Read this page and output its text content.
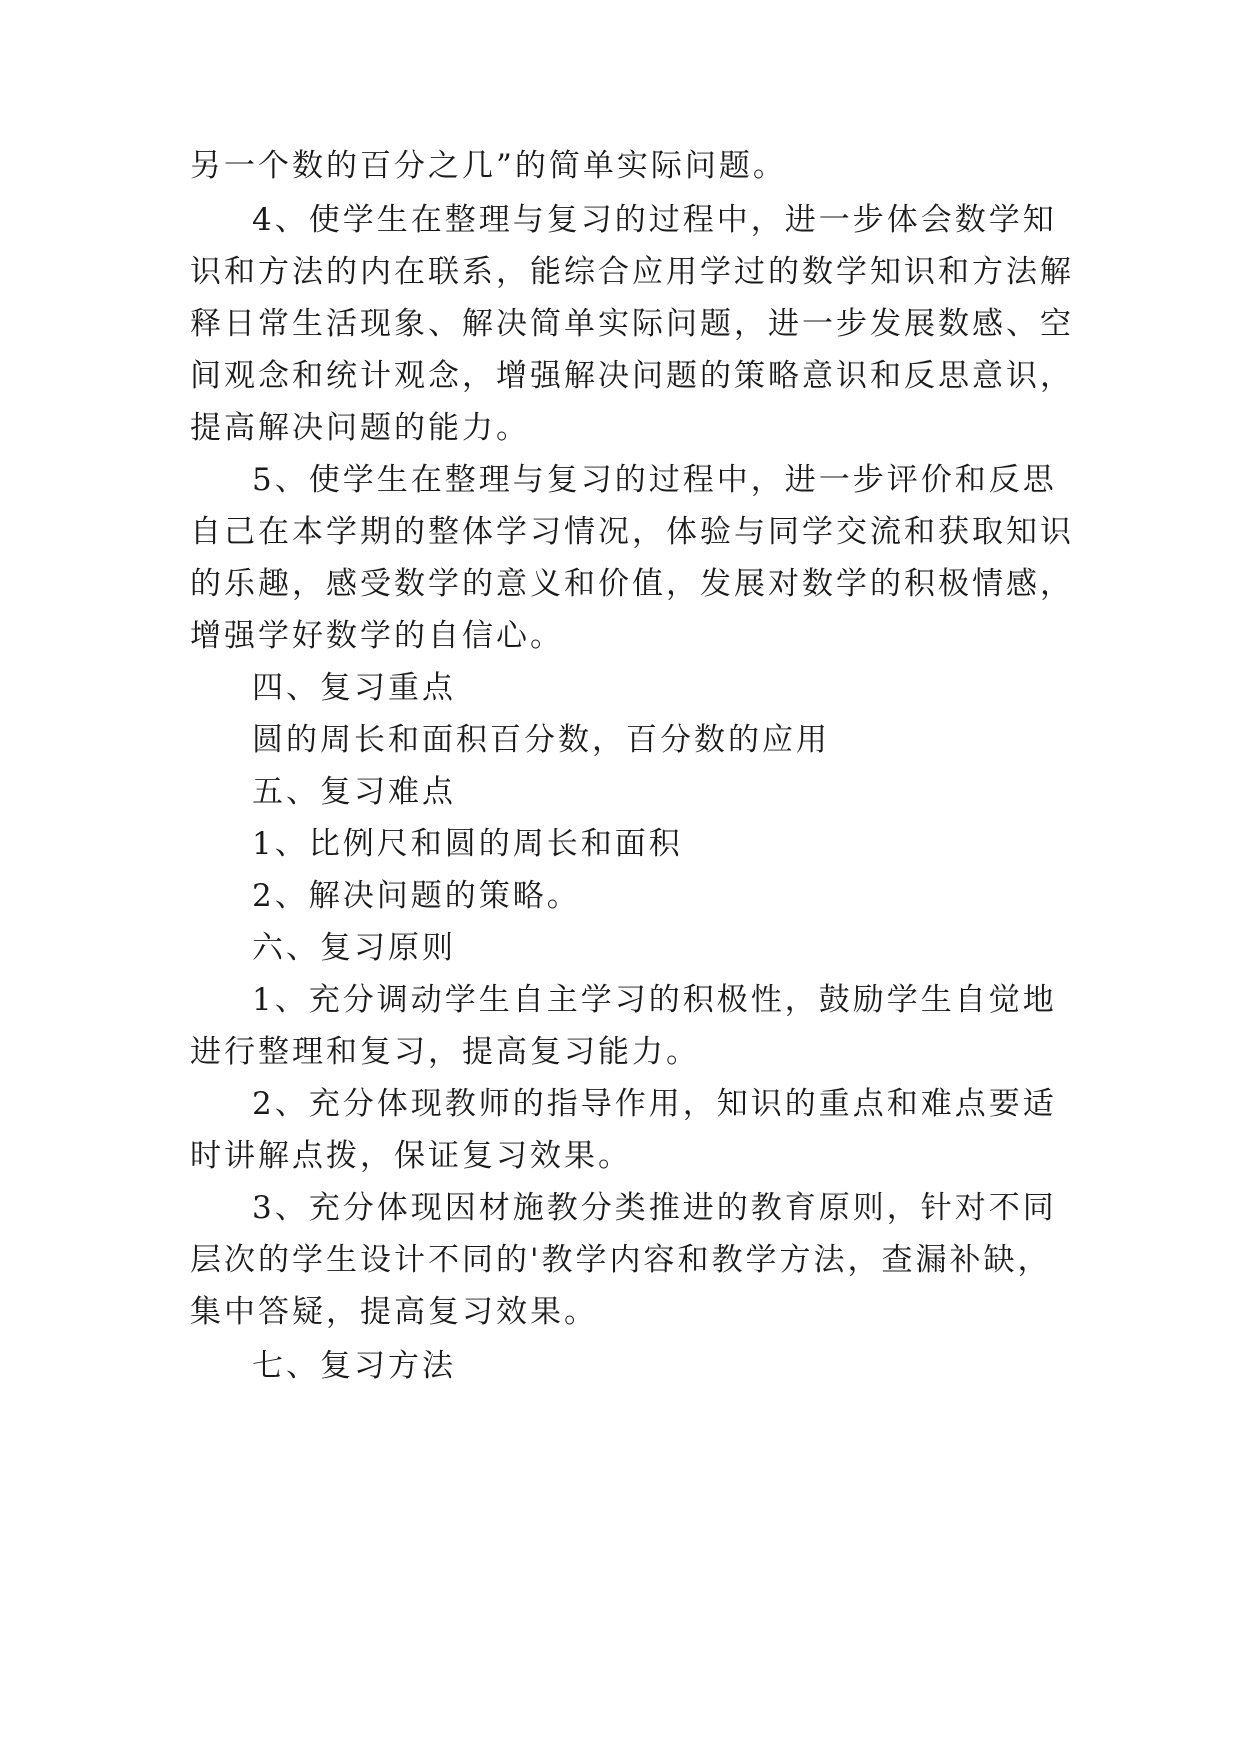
另一个数的百分之几”的简单实际问题。
4、使学生在整理与复习的过程中，进一步体会数学知
识和方法的内在联系，能综合应用学过的数学知识和方法解
释日常生活现象、解决简单实际问题，进一步发展数感、空
间观念和统计观念，增强解决问题的策略意识和反思意识，
提高解决问题的能力。
5、使学生在整理与复习的过程中，进一步评价和反思
自己在本学期的整体学习情况，体验与同学交流和获取知识
的乐趣，感受数学的意义和价值，发展对数学的积极情感，
增强学好数学的自信心。
四、复习重点
圆的周长和面积百分数，百分数的应用
五、复习难点
1、比例尺和圆的周长和面积
2、解决问题的策略。
六、复习原则
1、充分调动学生自主学习的积极性，鼓励学生自觉地
进行整理和复习，提高复习能力。
2、充分体现教师的指导作用，知识的重点和难点要适
时讲解点拨，保证复习效果。
3、充分体现因材施教分类推进的教育原则，针对不同
层次的学生设计不同的'教学内容和教学方法，查漏补缺，
集中答疑，提高复习效果。
七、复习方法
